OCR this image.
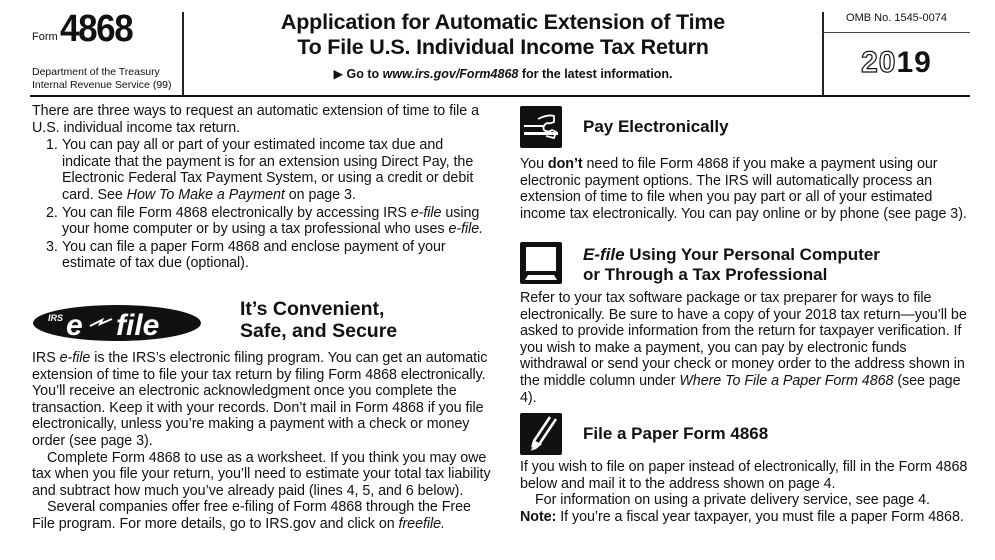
Form 4868
Department of the Treasury
Internal Revenue Service (99)
Application for Automatic Extension of Time
To File U.S. Individual Income Tax Return
▶ Go to www.irs.gov/Form4868 for the latest information.
OMB No. 1545-0074
2019

There are three ways to request an automatic extension of time to file a U.S. individual income tax return.

1. You can pay all or part of your estimated income tax due and indicate that the payment is for an extension using Direct Pay, the Electronic Federal Tax Payment System, or using a credit or debit card. See How To Make a Payment on page 3.
2. You can file Form 4868 electronically by accessing IRS e-file using your home computer or by using a tax professional who uses e-file.
3. You can file a paper Form 4868 and enclose payment of your estimate of tax due (optional).
IRS e file	It’s Convenient,
Safe, and Secure

IRS e-file is the IRS’s electronic filing program. You can get an automatic extension of time to file your tax return by filing Form 4868 electronically. You’ll receive an electronic acknowledgment once you complete the transaction. Keep it with your records. Don’t mail in Form 4868 if you file electronically, unless you’re making a payment with a check or money order (see page 3).

Complete Form 4868 to use as a worksheet. If you think you may owe tax when you file your return, you’ll need to estimate your total tax liability and subtract how much you’ve already paid (lines 4, 5, and 6 below).

Several companies offer free e-filing of Form 4868 through the Free File program. For more details, go to IRS.gov and click on freefile.

Pay Electronically
You don’t need to file Form 4868 if you make a payment using our electronic payment options. The IRS will automatically process an extension of time to file when you pay part or all of your estimated income tax electronically. You can pay online or by phone (see page 3).
E-file Using Your Personal Computer
or Through a Tax Professional
Refer to your tax software package or tax preparer for ways to file electronically. Be sure to have a copy of your 2018 tax return—you’ll be asked to provide information from the return for taxpayer verification. If you wish to make a payment, you can pay by electronic funds withdrawal or send your check or money order to the address shown in the middle column under Where To File a Paper Form 4868 (see page 4).
File a Paper Form 4868

If you wish to file on paper instead of electronically, fill in the Form 4868 below and mail it to the address shown on page 4.

For information on using a private delivery service, see page 4.

Note: If you’re a fiscal year taxpayer, you must file a paper Form 4868.
